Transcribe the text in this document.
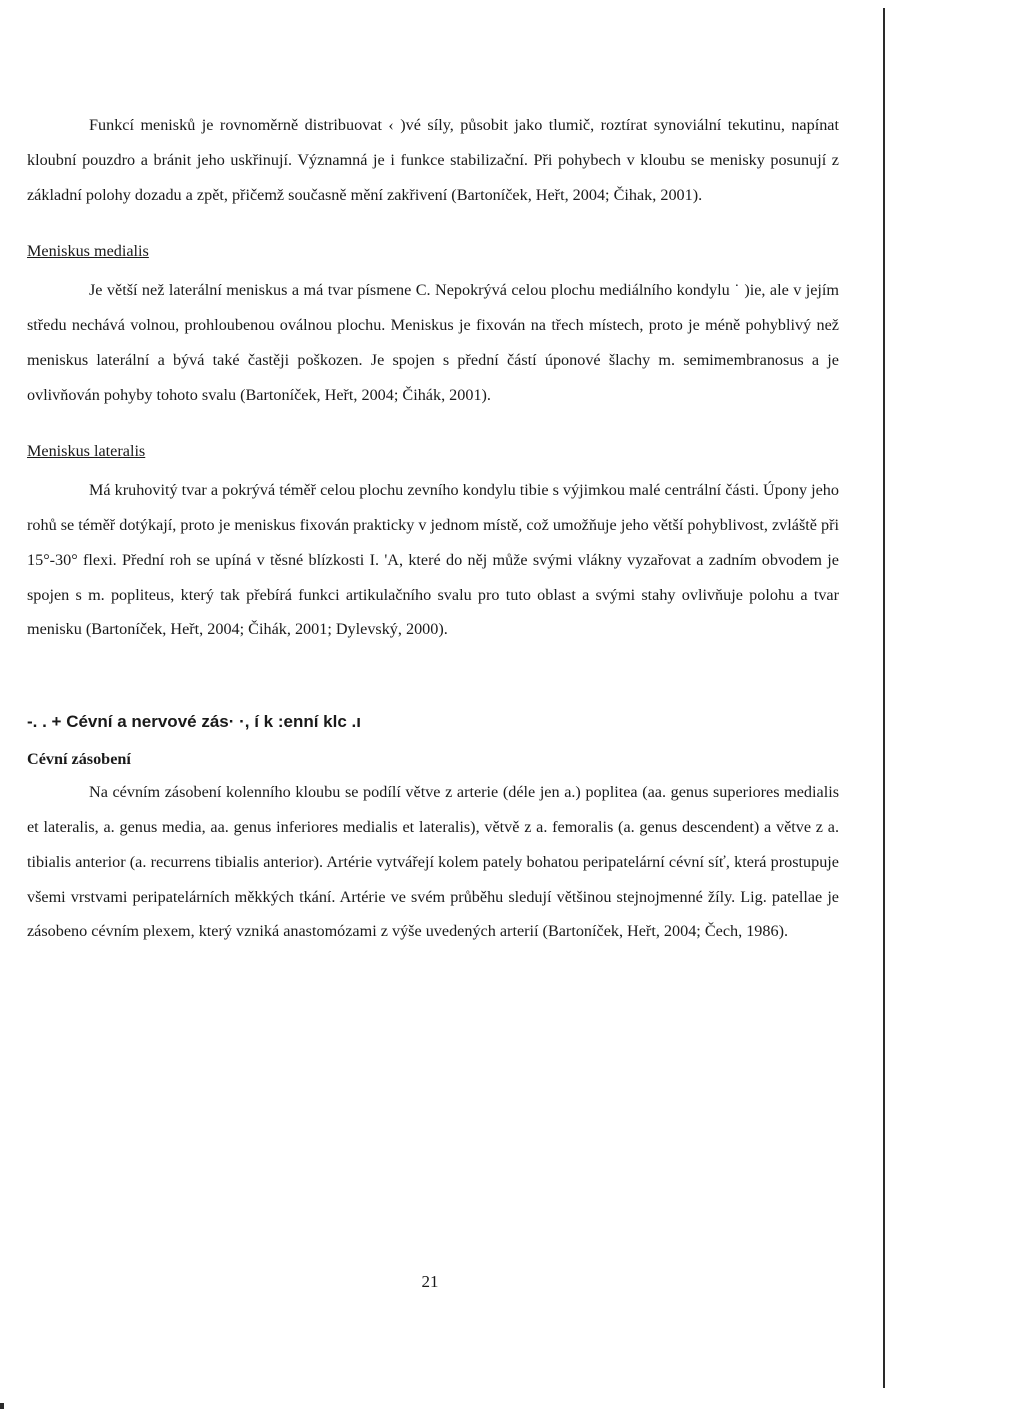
Funkcí menisků je rovnoměrně distribuovat ‹ )vé síly, působit jako tlumič, roztírat synoviální tekutinu, napínat kloubní pouzdro a bránit jeho uskřinují. Významná je i funkce stabilizační. Při pohybech v kloubu se menisky posunují z základní polohy dozadu a zpět, přičemž současně mění zakřivení (Bartoníček, Heřt, 2004; Čihak, 2001).

Meniskus medialis

Je větší než laterální meniskus a má tvar písmene C. Nepokrývá celou plochu mediálního kondylu ˙ )ie, ale v jejím středu nechává volnou, prohloubenou oválnou plochu. Meniskus je fixován na třech místech, proto je méně pohyblivý než meniskus laterální a bývá také častěji poškozen. Je spojen s přední částí úponové šlachy m. semimembranosus a je ovlivňován pohyby tohoto svalu (Bartoníček, Heřt, 2004; Čihák, 2001).

Meniskus lateralis

Má kruhovitý tvar a pokrývá téměř celou plochu zevního kondylu tibie s výjimkou malé centrální části. Úpony jeho rohů se téměř dotýkají, proto je meniskus fixován prakticky v jednom místě, což umožňuje jeho větší pohyblivost, zvláště při 15°-30° flexi. Přední roh se upíná v těsné blízkosti I. 'A, které do něj může svými vlákny vyzařovat a zadním obvodem je spojen s m. popliteus, který tak přebírá funkci artikulačního svalu pro tuto oblast a svými stahy ovlivňuje polohu a tvar menisku (Bartoníček, Heřt, 2004; Čihák, 2001; Dylevský, 2000).

-. . + Cévní a nervové zás· ·, í k :enní klc .ı

Cévní zásobení

Na cévním zásobení kolenního kloubu se podílí větve z arterie (déle jen a.) poplitea (aa. genus superiores medialis et lateralis, a. genus media, aa. genus inferiores medialis et lateralis), větvě z a. femoralis (a. genus descendent) a větve z a. tibialis anterior (a. recurrens tibialis anterior). Artérie vytvářejí kolem pately bohatou peripatelární cévní síť, která prostupuje všemi vrstvami peripatelárních měkkých tkání. Artérie ve svém průběhu sledují většinou stejnojmenné žíly. Lig. patellae je zásobeno cévním plexem, který vzniká anastomózami z výše uvedených arterií (Bartoníček, Heřt, 2004; Čech, 1986).

21
